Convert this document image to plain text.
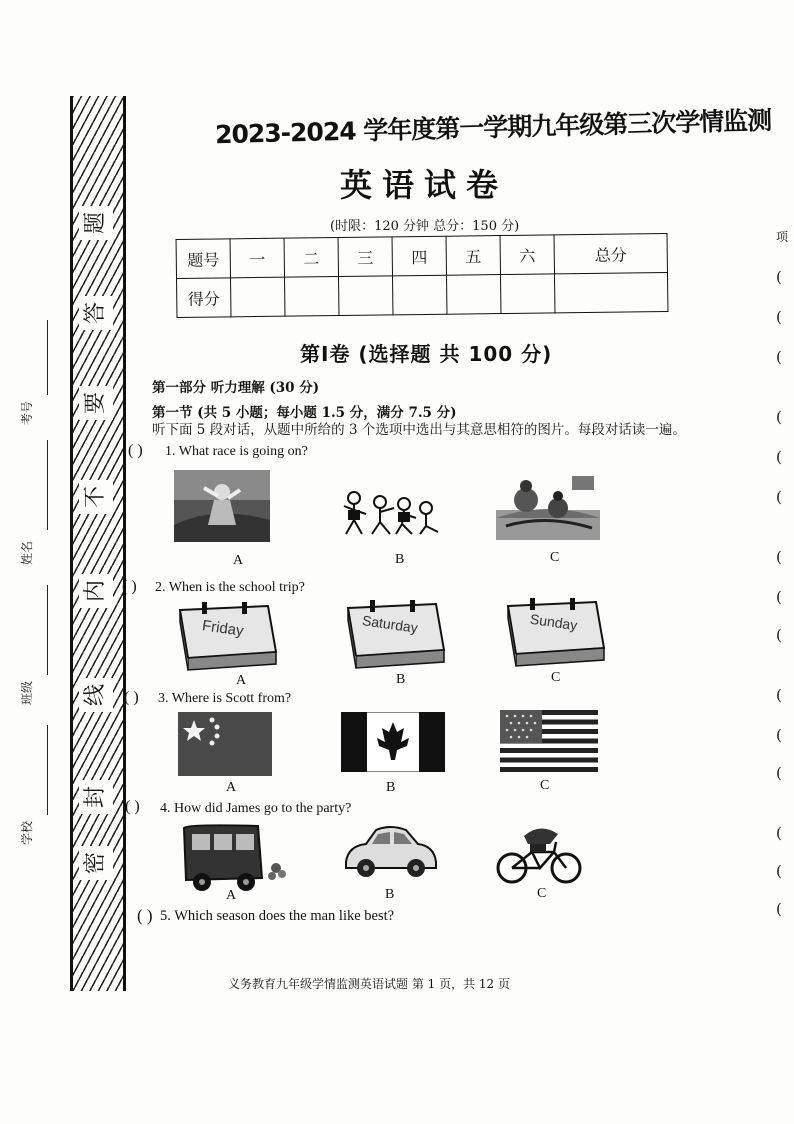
题
答
要
不
内
线
封
密
考号
姓名
班级
学校
2023-2024 学年度第一学期九年级第三次学情监测
英语试卷
(时限：120 分钟 总分：150 分)
题号	一	二	三	四	五	六	总分
得分							
第Ⅰ卷 (选择题 共 100 分)
第一部分 听力理解 (30 分)
第一节 (共 5 小题；每小题 1.5 分，满分 7.5 分)
听下面 5 段对话，从题中所给的 3 个选项中选出与其意思相符的图片。每段对话读一遍。
( ) 1. What race is going on?
A	B	C
( ) 2. When is the school trip?
Friday	Saturday	Sunday
A	B	C
( ) 3. Where is Scott from?
A	B	C
( ) 4. How did James go to the party?
A	B	C
( ) 5. Which season does the man like best?
义务教育九年级学情监测英语试题 第 1 页，共 12 页
项
(
(
(
(
(
(
(
(
(
(
(
(
(
(
(
